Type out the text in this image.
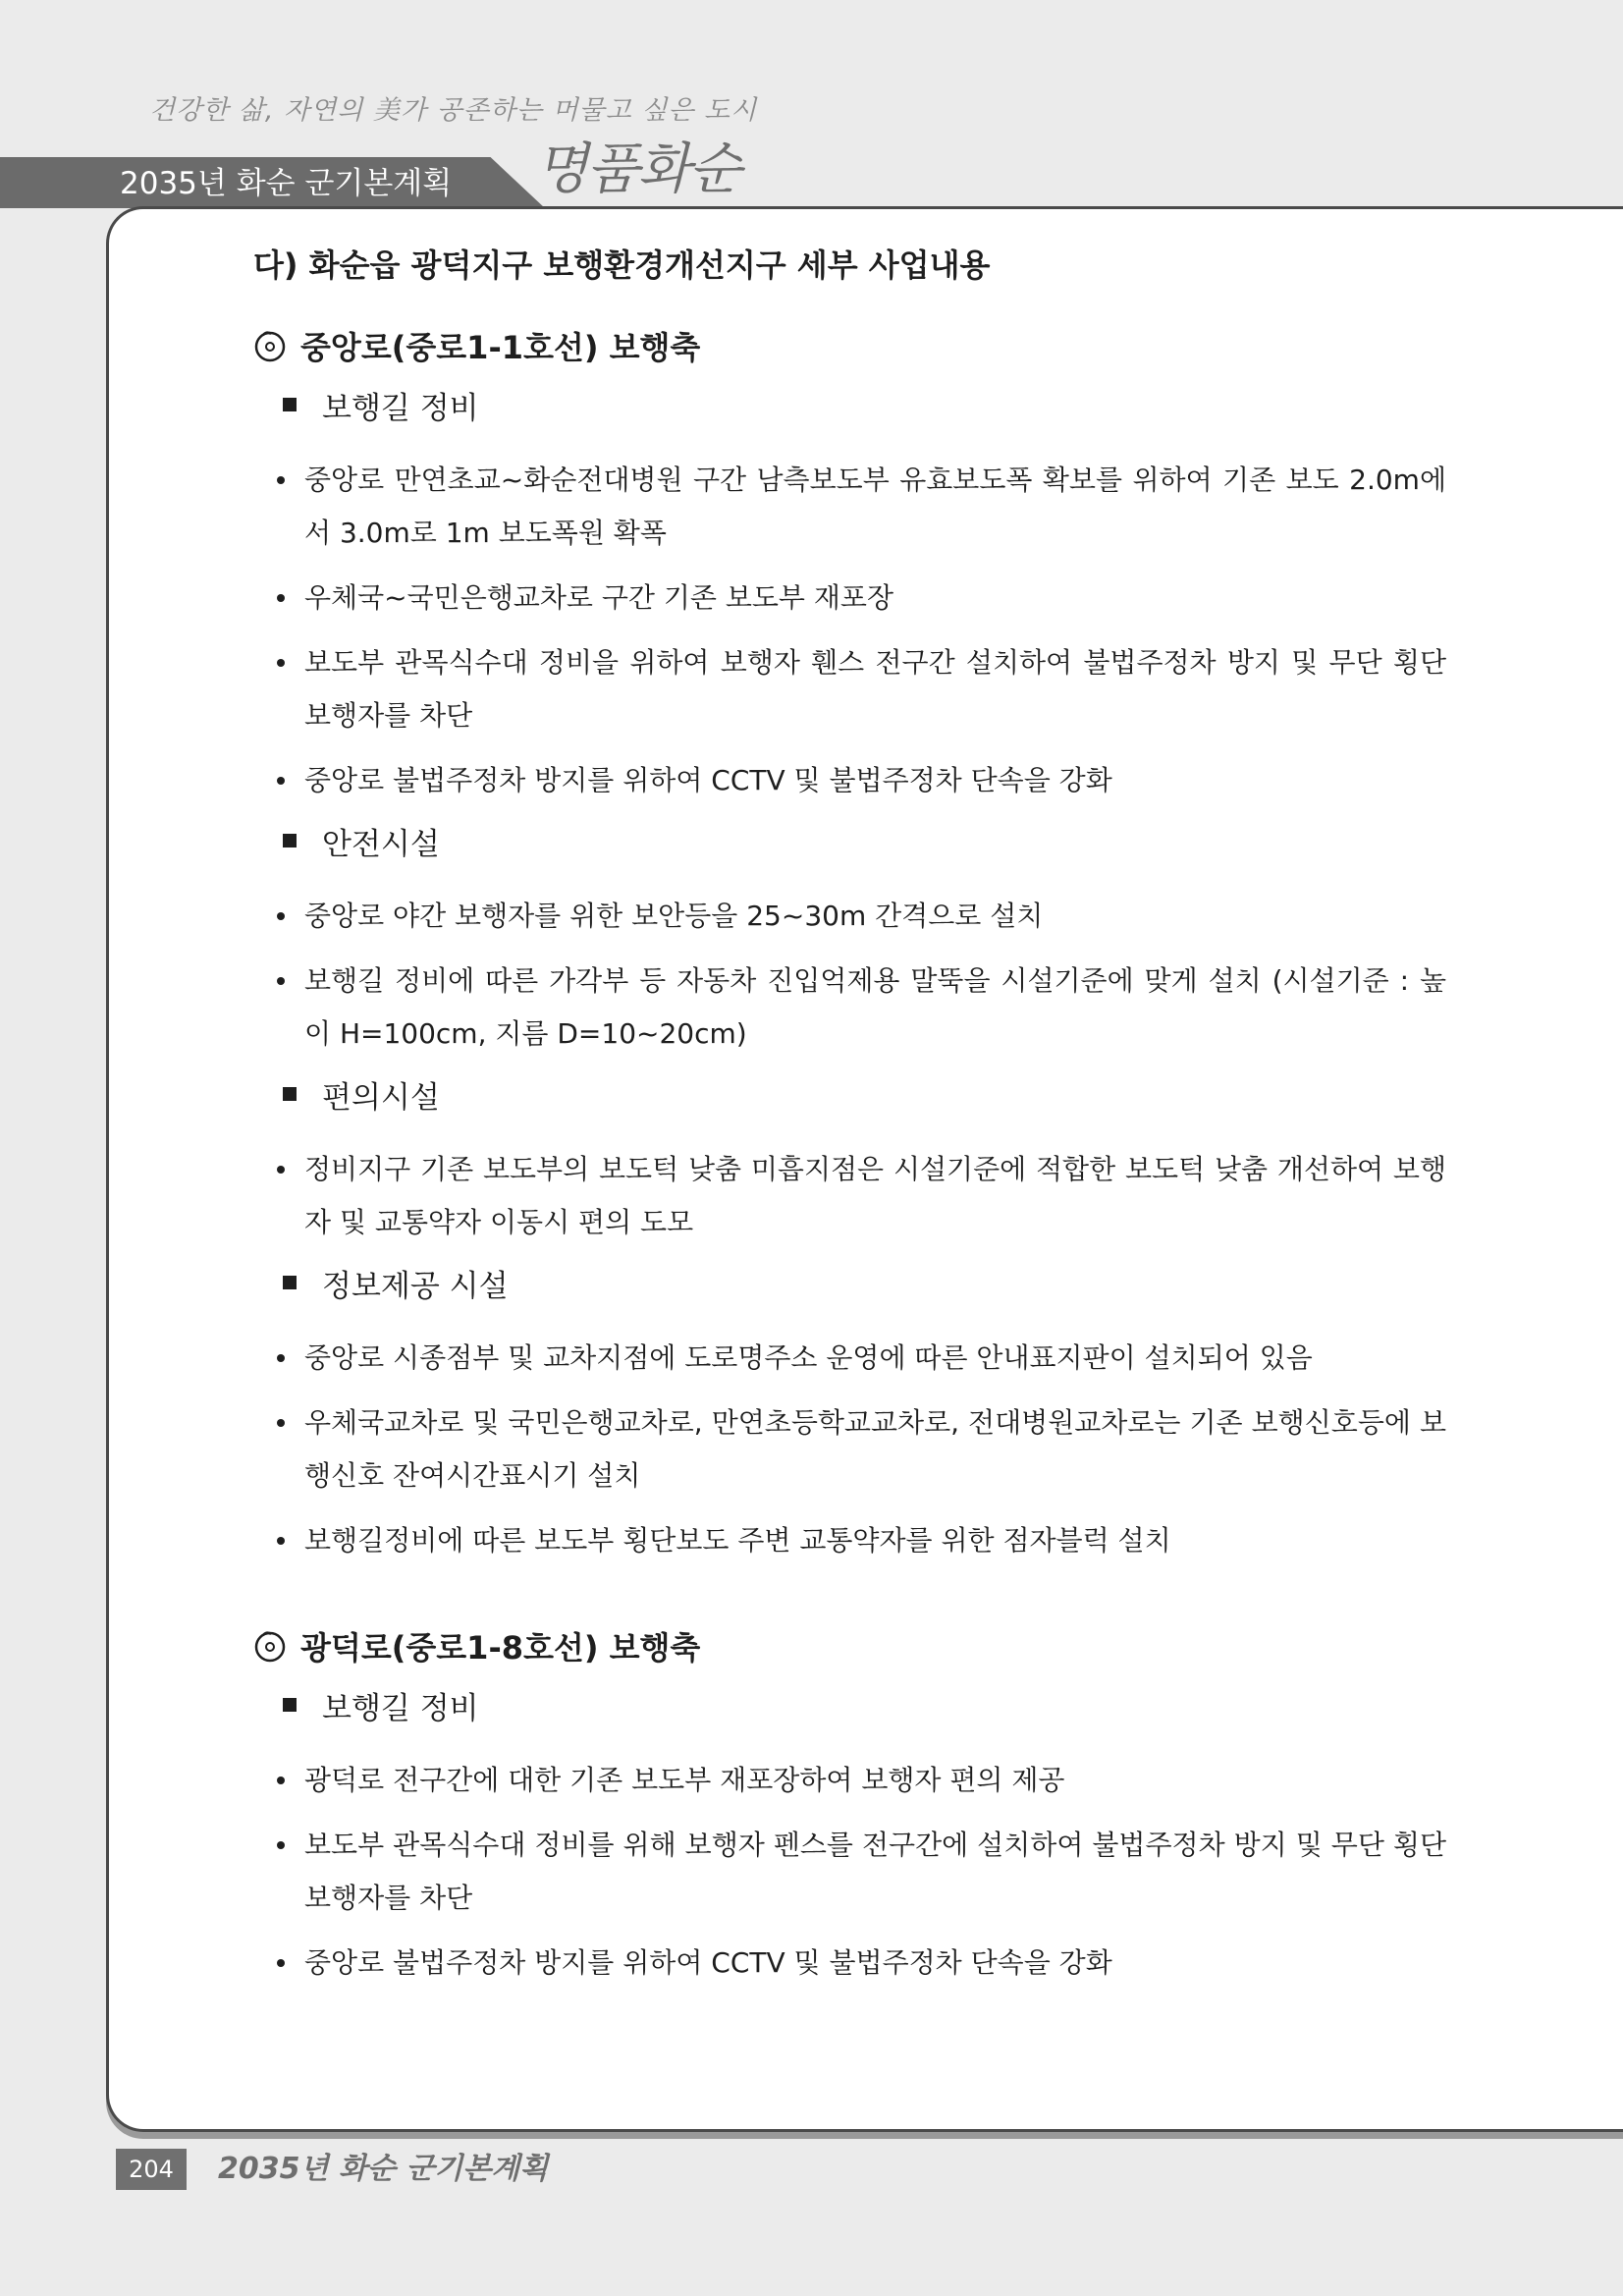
건강한 삶, 자연의 美가 공존하는 머물고 싶은 도시
2035년 화순 군기본계획 명품화순
다) 화순읍 광덕지구 보행환경개선지구 세부 사업내용
중앙로(중로1-1호선) 보행축
보행길 정비
중앙로 만연초교~화순전대병원 구간 남측보도부 유효보도폭 확보를 위하여 기존 보도 2.0m에서 3.0m로 1m 보도폭원 확폭
우체국~국민은행교차로 구간 기존 보도부 재포장
보도부 관목식수대 정비을 위하여 보행자 휀스 전구간 설치하여 불법주정차 방지 및 무단 횡단 보행자를 차단
중앙로 불법주정차 방지를 위하여 CCTV 및 불법주정차 단속을 강화
안전시설
중앙로 야간 보행자를 위한 보안등을 25~30m 간격으로 설치
보행길 정비에 따른 가각부 등 자동차 진입억제용 말뚝을 시설기준에 맞게 설치 (시설기준 : 높이 H=100cm, 지름 D=10~20cm)
편의시설
정비지구 기존 보도부의 보도턱 낮춤 미흡지점은 시설기준에 적합한 보도턱 낮춤 개선하여 보행자 및 교통약자 이동시 편의 도모
정보제공 시설
중앙로 시종점부 및 교차지점에 도로명주소 운영에 따른 안내표지판이 설치되어 있음
우체국교차로 및 국민은행교차로, 만연초등학교교차로, 전대병원교차로는 기존 보행신호등에 보행신호 잔여시간표시기 설치
보행길정비에 따른 보도부 횡단보도 주변 교통약자를 위한 점자블럭 설치
광덕로(중로1-8호선) 보행축
보행길 정비
광덕로 전구간에 대한 기존 보도부 재포장하여 보행자 편의 제공
보도부 관목식수대 정비를 위해 보행자 펜스를 전구간에 설치하여 불법주정차 방지 및 무단 횡단 보행자를 차단
중앙로 불법주정차 방지를 위하여 CCTV 및 불법주정차 단속을 강화
204	2035년 화순 군기본계획
